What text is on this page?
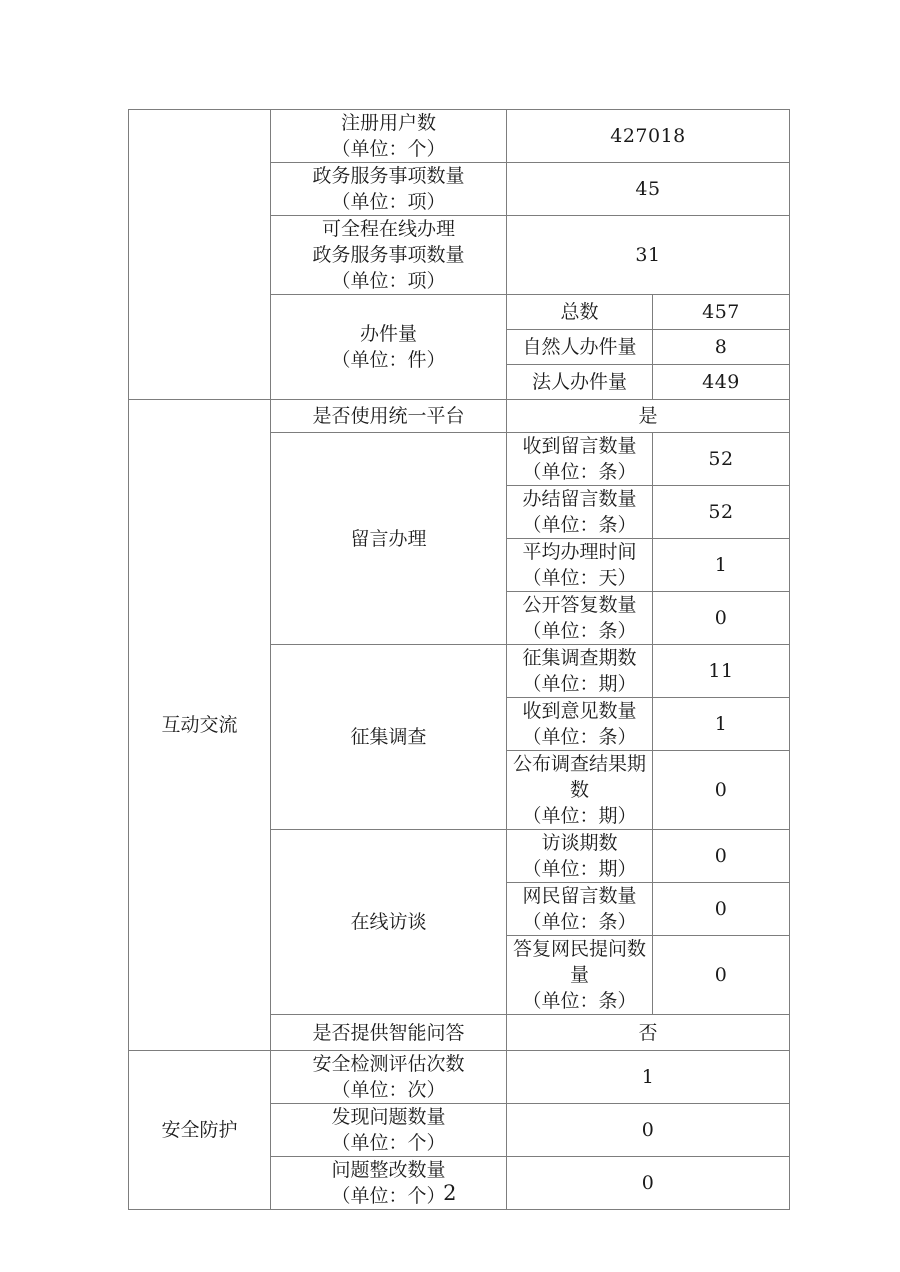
	注册用户数
（单位：个）	427018	

	政务服务事项数量
（单位：项）	45	

	可全程在线办理
政务服务事项数量
（单位：项）	31	

	办件量
（单位：件）	总数	457
		自然人办件量	8
		法人办件量	449
互动交流	是否使用统一平台	是	
	留言办理	收到留言数量
（单位：条）	52

		办结留言数量
（单位：条）	52

		平均办理时间
（单位：天）	1

		公开答复数量
（单位：条）	0
	征集调查	征集调查期数
（单位：期）	11

		收到意见数量
（单位：条）	1

		公布调查结果期数
（单位：期）	0
	在线访谈	访谈期数
（单位：期）	0

		网民留言数量
（单位：条）	0

		答复网民提问数量
（单位：条）	0
	是否提供智能问答	否	
安全防护	安全检测评估次数
（单位：次）	1	

	发现问题数量
（单位：个）	0	

	问题整改数量
（单位：个）	0	
2
